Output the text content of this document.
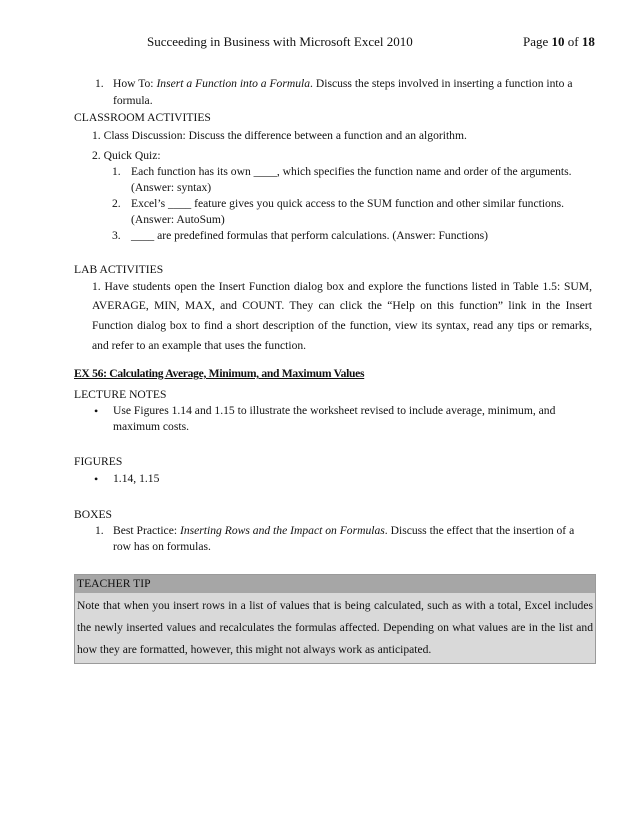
Succeeding in Business with Microsoft Excel 2010	Page 10 of 18
1. How To: Insert a Function into a Formula. Discuss the steps involved in inserting a function into a
formula.
CLASSROOM ACTIVITIES
1. Class Discussion: Discuss the difference between a function and an algorithm.
2. Quick Quiz:
1. Each function has its own ____, which specifies the function name and order of the arguments.
(Answer: syntax)
2. Excel’s ____ feature gives you quick access to the SUM function and other similar functions.
(Answer: AutoSum)
3. ____ are predefined formulas that perform calculations. (Answer: Functions)
LAB ACTIVITIES
1. Have students open the Insert Function dialog box and explore the functions listed in Table 1.5: SUM,
AVERAGE, MIN, MAX, and COUNT. They can click the “Help on this function” link in the Insert
Function dialog box to find a short description of the function, view its syntax, read any tips or remarks,
and refer to an example that uses the function.
EX 56: Calculating Average, Minimum, and Maximum Values
LECTURE NOTES
• Use Figures 1.14 and 1.15 to illustrate the worksheet revised to include average, minimum, and
maximum costs.
FIGURES
• 1.14, 1.15
BOXES
1. Best Practice: Inserting Rows and the Impact on Formulas. Discuss the effect that the insertion of a
row has on formulas.
TEACHER TIP
Note that when you insert rows in a list of values that is being calculated, such as with a total, Excel includes the newly inserted values and recalculates the formulas affected. Depending on what values are in the list and how they are formatted, however, this might not always work as anticipated.
